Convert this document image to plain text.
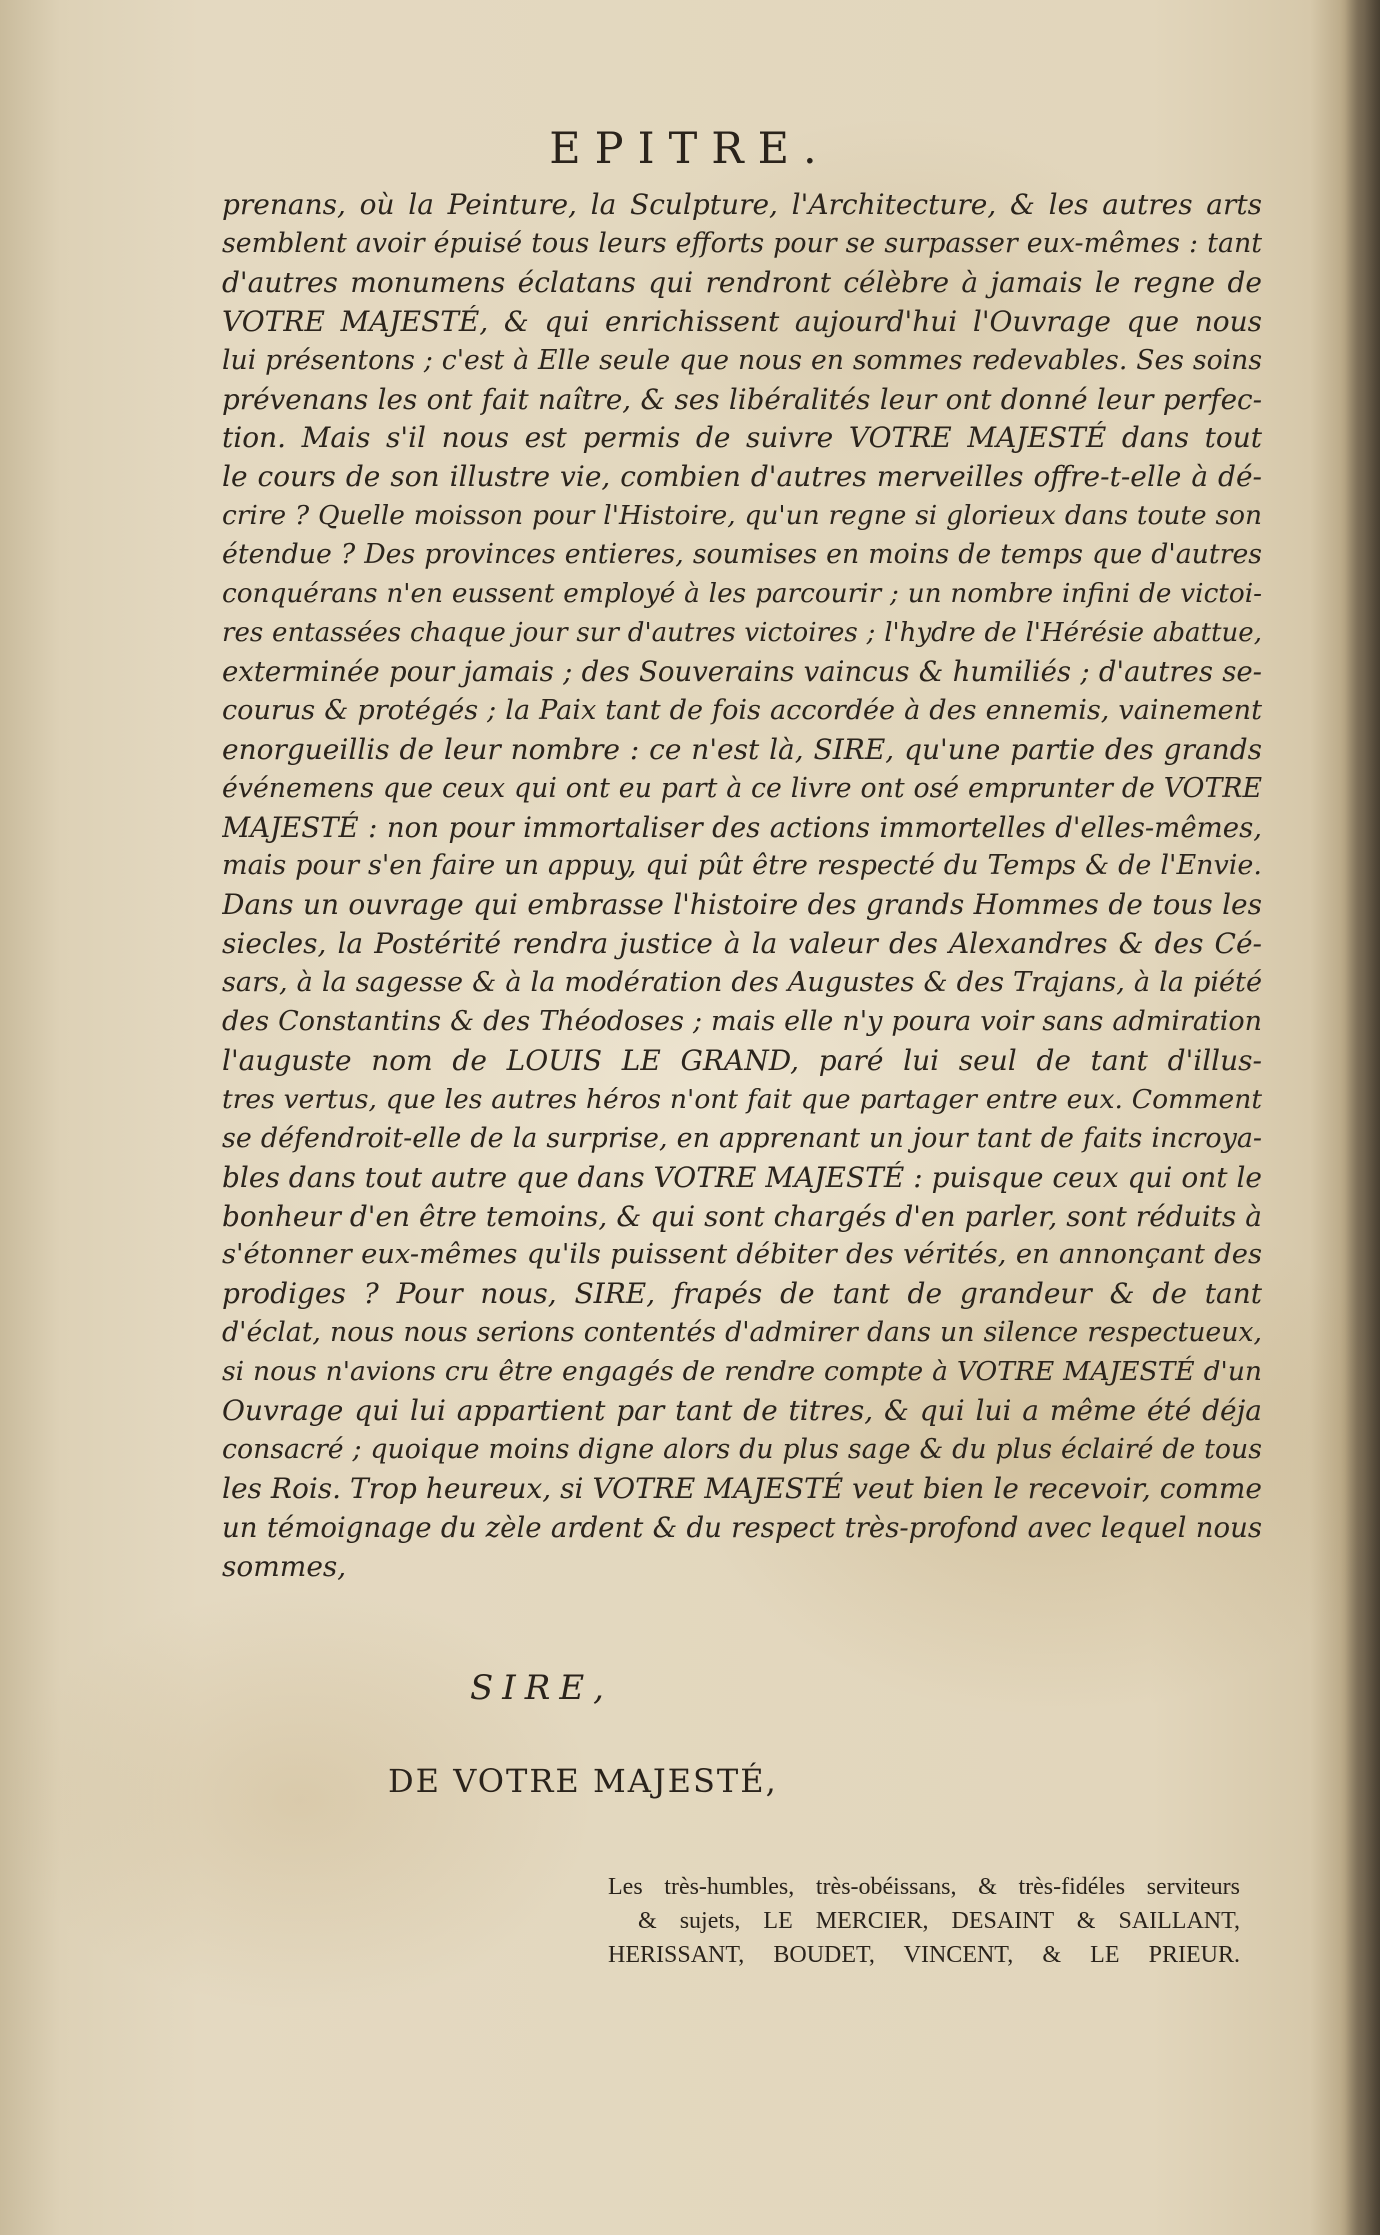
EPITRE.
prenans, où la Peinture, la Sculpture, l'Architecture, & les autres arts
semblent avoir épuisé tous leurs efforts pour se surpasser eux-mêmes : tant
d'autres monumens éclatans qui rendront célèbre à jamais le regne de
VOTRE MAJESTÉ, & qui enrichissent aujourd'hui l'Ouvrage que nous
lui présentons ; c'est à Elle seule que nous en sommes redevables. Ses soins
prévenans les ont fait naître, & ses libéralités leur ont donné leur perfec-
tion. Mais s'il nous est permis de suivre VOTRE MAJESTÉ dans tout
le cours de son illustre vie, combien d'autres merveilles offre-t-elle à dé-
crire ? Quelle moisson pour l'Histoire, qu'un regne si glorieux dans toute son
étendue ? Des provinces entieres, soumises en moins de temps que d'autres
conquérans n'en eussent employé à les parcourir ; un nombre infini de victoi-
res entassées chaque jour sur d'autres victoires ; l'hydre de l'Hérésie abattue,
exterminée pour jamais ; des Souverains vaincus & humiliés ; d'autres se-
courus & protégés ; la Paix tant de fois accordée à des ennemis, vainement
enorgueillis de leur nombre : ce n'est là, SIRE, qu'une partie des grands
événemens que ceux qui ont eu part à ce livre ont osé emprunter de VOTRE
MAJESTÉ : non pour immortaliser des actions immortelles d'elles-mêmes,
mais pour s'en faire un appuy, qui pût être respecté du Temps & de l'Envie.
Dans un ouvrage qui embrasse l'histoire des grands Hommes de tous les
siecles, la Postérité rendra justice à la valeur des Alexandres & des Cé-
sars, à la sagesse & à la modération des Augustes & des Trajans, à la piété
des Constantins & des Théodoses ; mais elle n'y poura voir sans admiration
l'auguste nom de LOUIS LE GRAND, paré lui seul de tant d'illus-
tres vertus, que les autres héros n'ont fait que partager entre eux. Comment
se défendroit-elle de la surprise, en apprenant un jour tant de faits incroya-
bles dans tout autre que dans VOTRE MAJESTÉ : puisque ceux qui ont le
bonheur d'en être temoins, & qui sont chargés d'en parler, sont réduits à
s'étonner eux-mêmes qu'ils puissent débiter des vérités, en annonçant des
prodiges ? Pour nous, SIRE, frapés de tant de grandeur & de tant
d'éclat, nous nous serions contentés d'admirer dans un silence respectueux,
si nous n'avions cru être engagés de rendre compte à VOTRE MAJESTÉ d'un
Ouvrage qui lui appartient par tant de titres, & qui lui a même été déja
consacré ; quoique moins digne alors du plus sage & du plus éclairé de tous
les Rois. Trop heureux, si VOTRE MAJESTÉ veut bien le recevoir, comme
un témoignage du zèle ardent & du respect très-profond avec lequel nous
sommes,
SIRE,
DE VOTRE MAJESTÉ,
Les très-humbles, très-obéissans, & très-fidéles serviteurs
& sujets, LE MERCIER, DESAINT & SAILLANT,
HERISSANT, BOUDET, VINCENT, & LE PRIEUR.
